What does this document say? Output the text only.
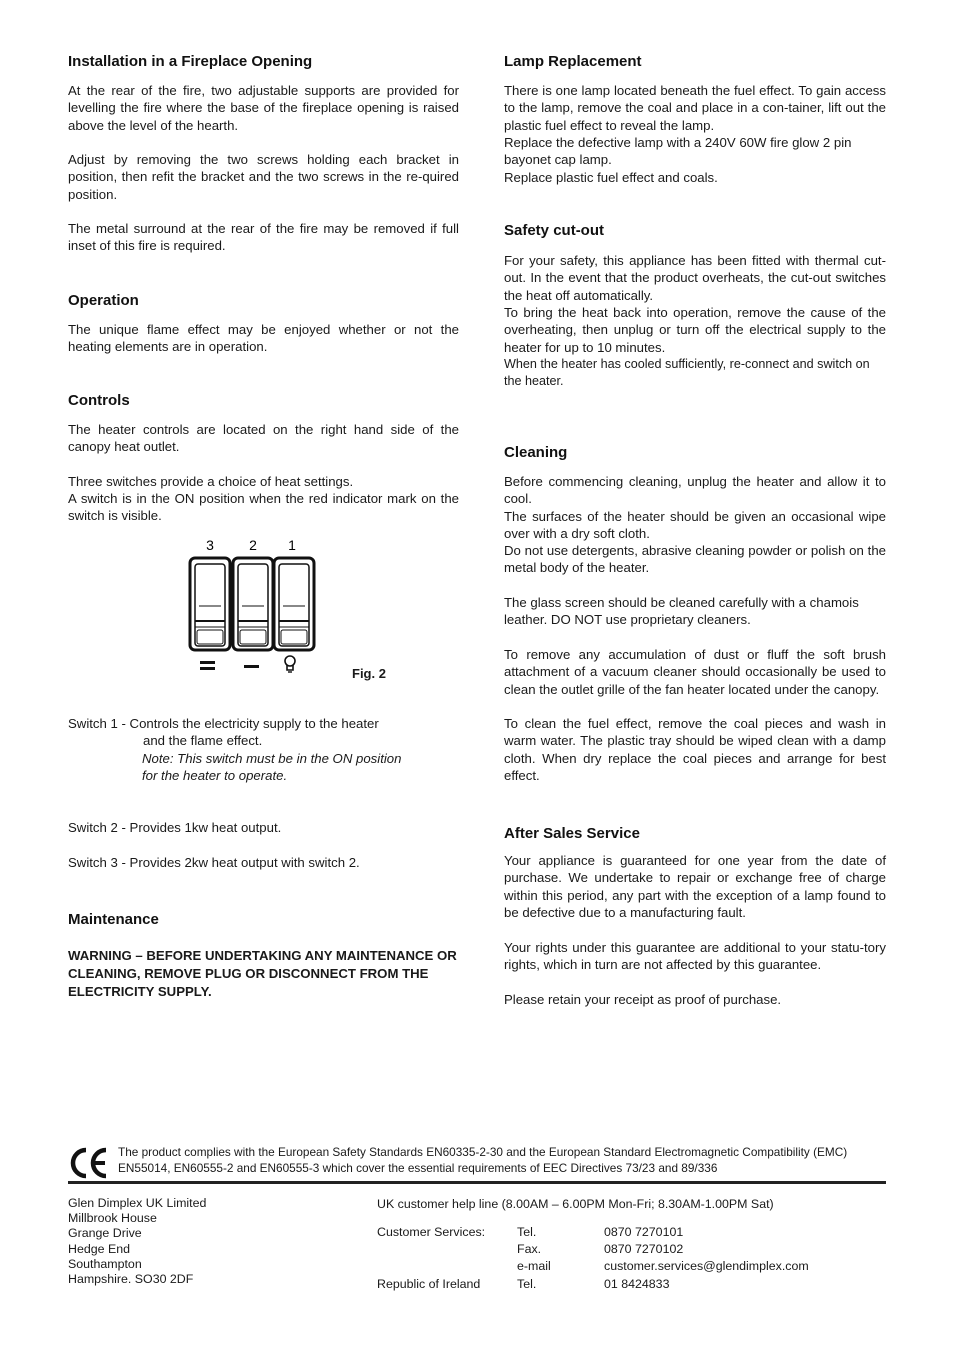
Installation in a Fireplace Opening

At the rear of the fire, two adjustable supports are provided for levelling the fire where the base of the fireplace opening is raised above the level of the hearth.

Adjust by removing the two screws holding each bracket in position, then refit the bracket and the two screws in the re-quired position.

The metal surround at the rear of the fire may be removed if full inset of this fire is required.

Operation

The unique flame effect may be enjoyed whether or not the heating elements are in operation.

Controls

The heater controls are located on the right hand side of the canopy heat outlet.

Three switches provide a choice of heat settings.

A switch is in the ON position when the red indicator mark on the switch is visible.

3	2 1
Fig. 2
Switch 1 - Controls the electricity supply to the heater
and the flame effect.
Note: This switch must be in the ON position
for the heater to operate.
Switch 2 - Provides 1kw heat output.
Switch 3 - Provides 2kw heat output with switch 2.
Maintenance

WARNING – BEFORE UNDERTAKING ANY MAINTENANCE OR CLEANING, REMOVE PLUG OR DISCONNECT FROM THE ELECTRICITY SUPPLY.

Lamp Replacement

There is one lamp located beneath the fuel effect. To gain access to the lamp, remove the coal and place in a con-tainer, lift out the plastic fuel effect to reveal the lamp.

Replace the defective lamp with a 240V 60W fire glow 2 pin bayonet cap lamp.

Replace plastic fuel effect and coals.

Safety cut-out

For your safety, this appliance has been fitted with thermal cut-out. In the event that the product overheats, the cut-out switches the heat off automatically.

To bring the heat back into operation, remove the cause of the overheating, then unplug or turn off the electrical supply to the heater for up to 10 minutes.

When the heater has cooled sufficiently, re-connect and switch on the heater.

Cleaning

Before commencing cleaning, unplug the heater and allow it to cool.

The surfaces of the heater should be given an occasional wipe over with a dry soft cloth.

Do not use detergents, abrasive cleaning powder or polish on the metal body of the heater.

The glass screen should be cleaned carefully with a chamois leather. DO NOT use proprietary cleaners.

To remove any accumulation of dust or fluff the soft brush attachment of a vacuum cleaner should occasionally be used to clean the outlet grille of the fan heater located under the canopy.

To clean the fuel effect, remove the coal pieces and wash in warm water. The plastic tray should be wiped clean with a damp cloth. When dry replace the coal pieces and arrange for best effect.

After Sales Service

Your appliance is guaranteed for one year from the date of purchase. We undertake to repair or exchange free of charge within this period, any part with the exception of a lamp found to be defective due to a manufacturing fault.

Your rights under this guarantee are additional to your statu-tory rights, which in turn are not affected by this guarantee.

Please retain your receipt as proof of purchase.

The product complies with the European Safety Standards EN60335-2-30 and the European Standard Electromagnetic Compatibility (EMC) EN55014, EN60555-2 and EN60555-3 which cover the essential requirements of EEC Directives 73/23 and 89/336
Glen Dimplex UK Limited
Millbrook House
Grange Drive
Hedge End
Southampton
Hampshire. SO30 2DF
UK customer help line (8.00AM – 6.00PM Mon-Fri; 8.30AM-1.00PM Sat)
Customer Services:	Tel.	0870 7270101
Fax.	0870 7270102
e-mail	customer.services@glendimplex.com
Republic of Ireland	Tel.	01 8424833
